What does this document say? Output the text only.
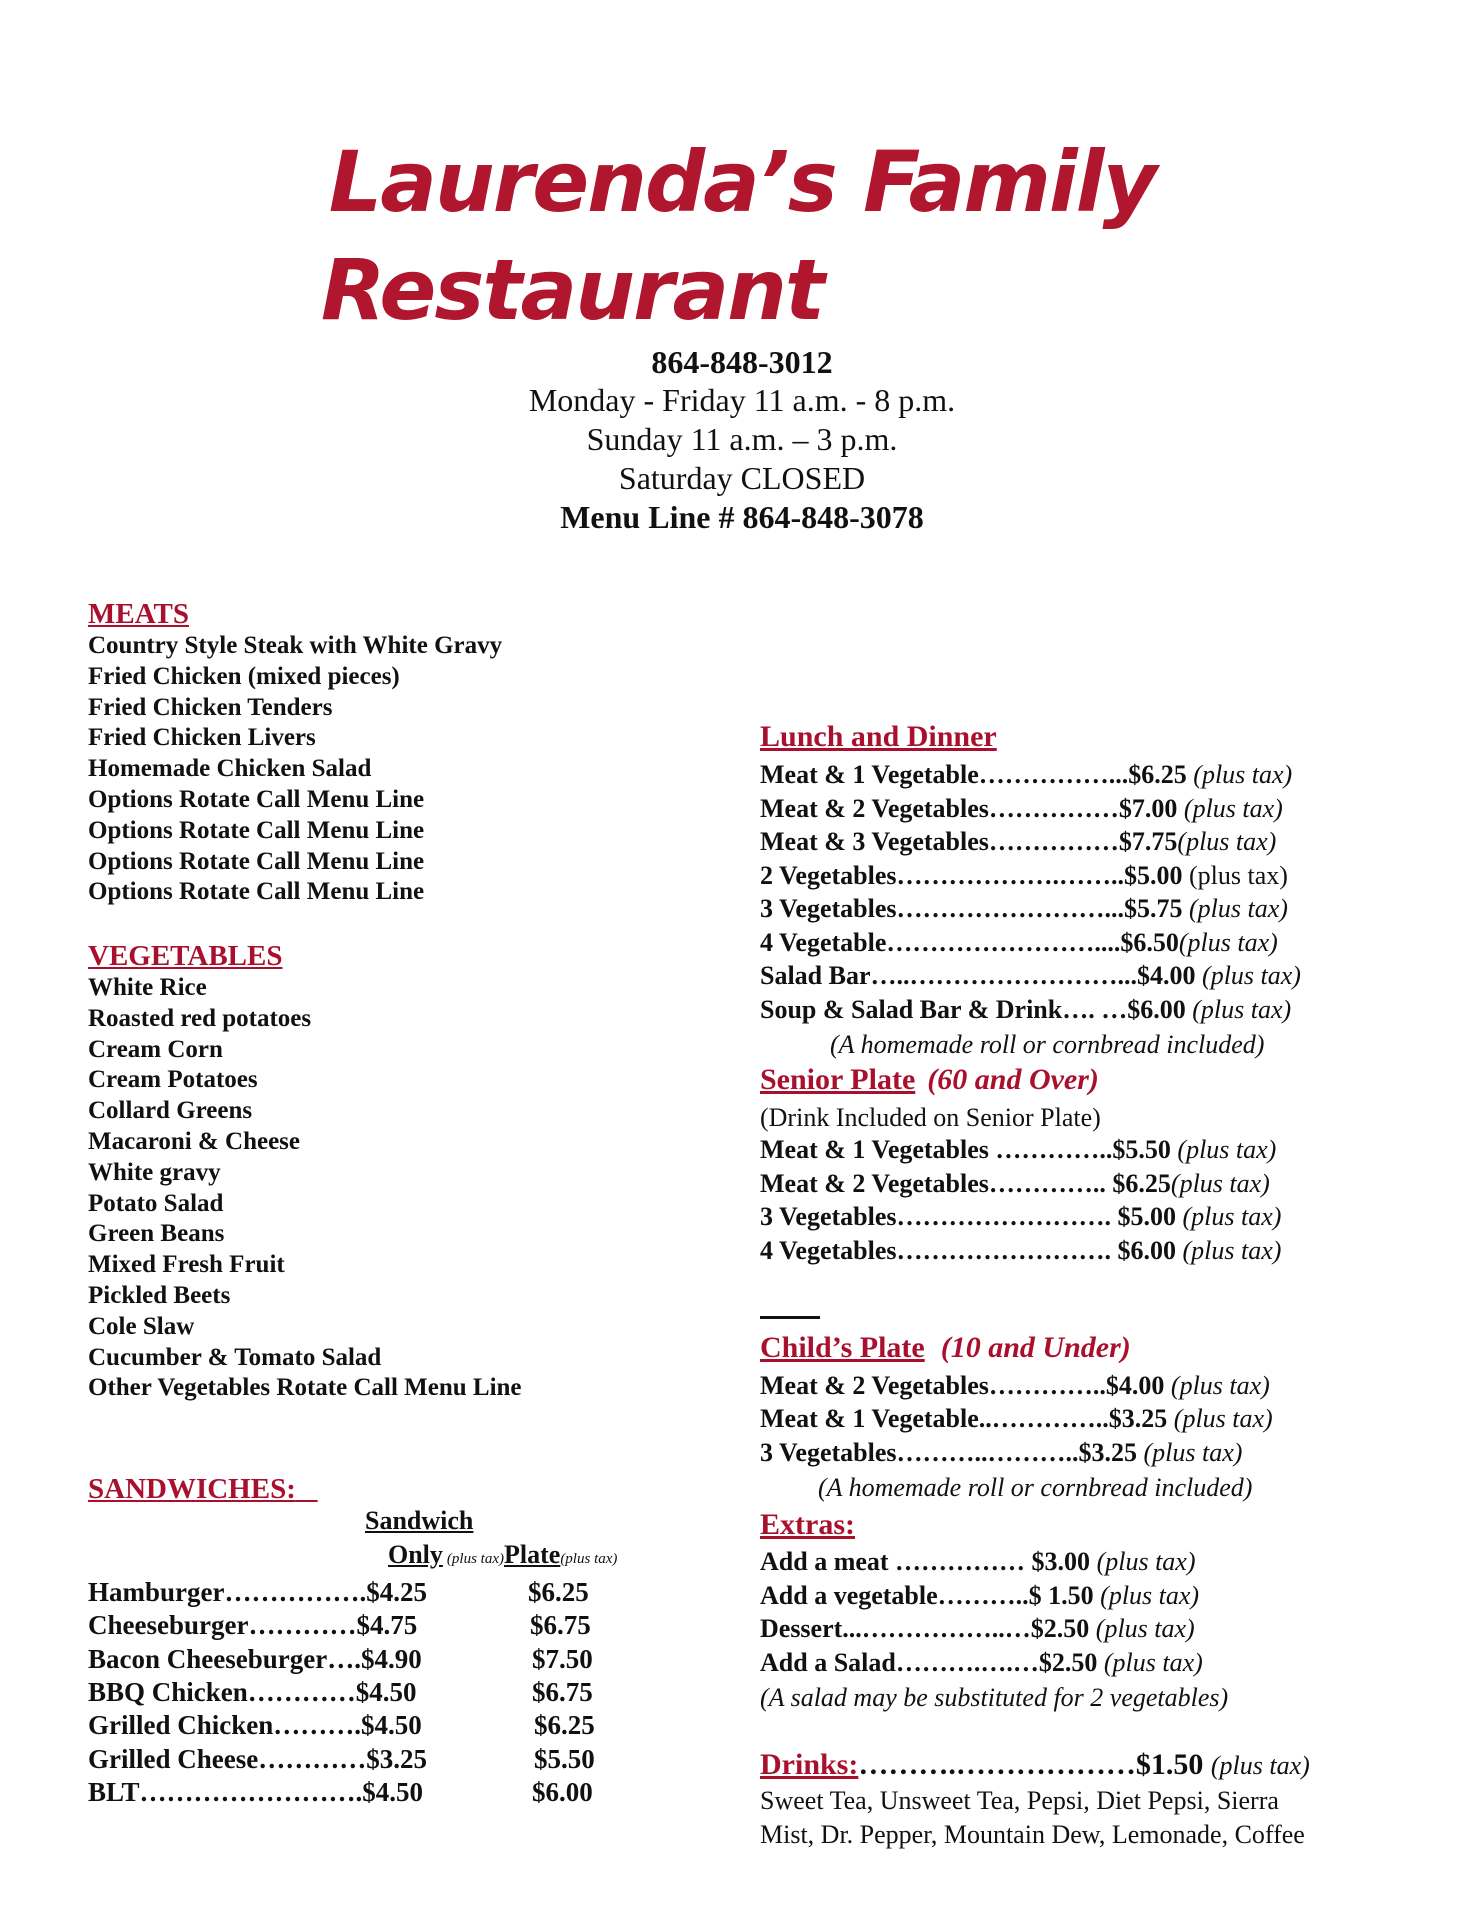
Laurenda’s Family
Restaurant
864-848-3012
Monday - Friday 11 a.m. - 8 p.m.
Sunday 11 a.m. – 3 p.m.
Saturday CLOSED
Menu Line # 864-848-3078
MEATS
Country Style Steak with White Gravy
Fried Chicken (mixed pieces)
Fried Chicken Tenders
Fried Chicken Livers
Homemade Chicken Salad
Options Rotate Call Menu Line
Options Rotate Call Menu Line
Options Rotate Call Menu Line
Options Rotate Call Menu Line
VEGETABLES
White Rice
Roasted red potatoes
Cream Corn
Cream Potatoes
Collard Greens
Macaroni & Cheese
White gravy
Potato Salad
Green Beans
Mixed Fresh Fruit
Pickled Beets
Cole Slaw
Cucumber & Tomato Salad
Other Vegetables Rotate Call Menu Line
SANDWICHES:
Sandwich
Only (plus tax)Plate(plus tax)
Hamburger…………….$4.25	$6.25
Cheeseburger…………$4.75	$6.75
Bacon Cheeseburger….$4.90	$7.50
BBQ Chicken…………$4.50	$6.75
Grilled Chicken……….$4.50	$6.25
Grilled Cheese…………$3.25	$5.50
BLT…………………….$4.50	$6.00
Lunch and Dinner
Meat & 1 Vegetable……………...$6.25 (plus tax)
Meat & 2 Vegetables……………$7.00 (plus tax)
Meat & 3 Vegetables……………$7.75(plus tax)
2 Vegetables……………….……..$5.00 (plus tax)
3 Vegetables……………………...$5.75 (plus tax)
4 Vegetable……………………....$6.50(plus tax)
Salad Bar…..……………………...$4.00 (plus tax)
Soup & Salad Bar & Drink…. …$6.00 (plus tax)
(A homemade roll or cornbread included)
Senior Plate (60 and Over)
(Drink Included on Senior Plate)
Meat & 1 Vegetables …………..$5.50 (plus tax)
Meat & 2 Vegetables………….. $6.25(plus tax)
3 Vegetables……………………. $5.00 (plus tax)
4 Vegetables……………………. $6.00 (plus tax)
Child’s Plate (10 and Under)
Meat & 2 Vegetables…………..$4.00 (plus tax)
Meat & 1 Vegetable..…………..$3.25 (plus tax)
3 Vegetables………..………..$3.25 (plus tax)
(A homemade roll or cornbread included)
Extras:
Add a meat …………… $3.00 (plus tax)
Add a vegetable………..$ 1.50 (plus tax)
Dessert...……………..…$2.50 (plus tax)
Add a Salad……….….…$2.50 (plus tax)
(A salad may be substituted for 2 vegetables)
Drinks:……….………………$1.50 (plus tax)
Sweet Tea, Unsweet Tea, Pepsi, Diet Pepsi, Sierra
Mist, Dr. Pepper, Mountain Dew, Lemonade, Coffee
